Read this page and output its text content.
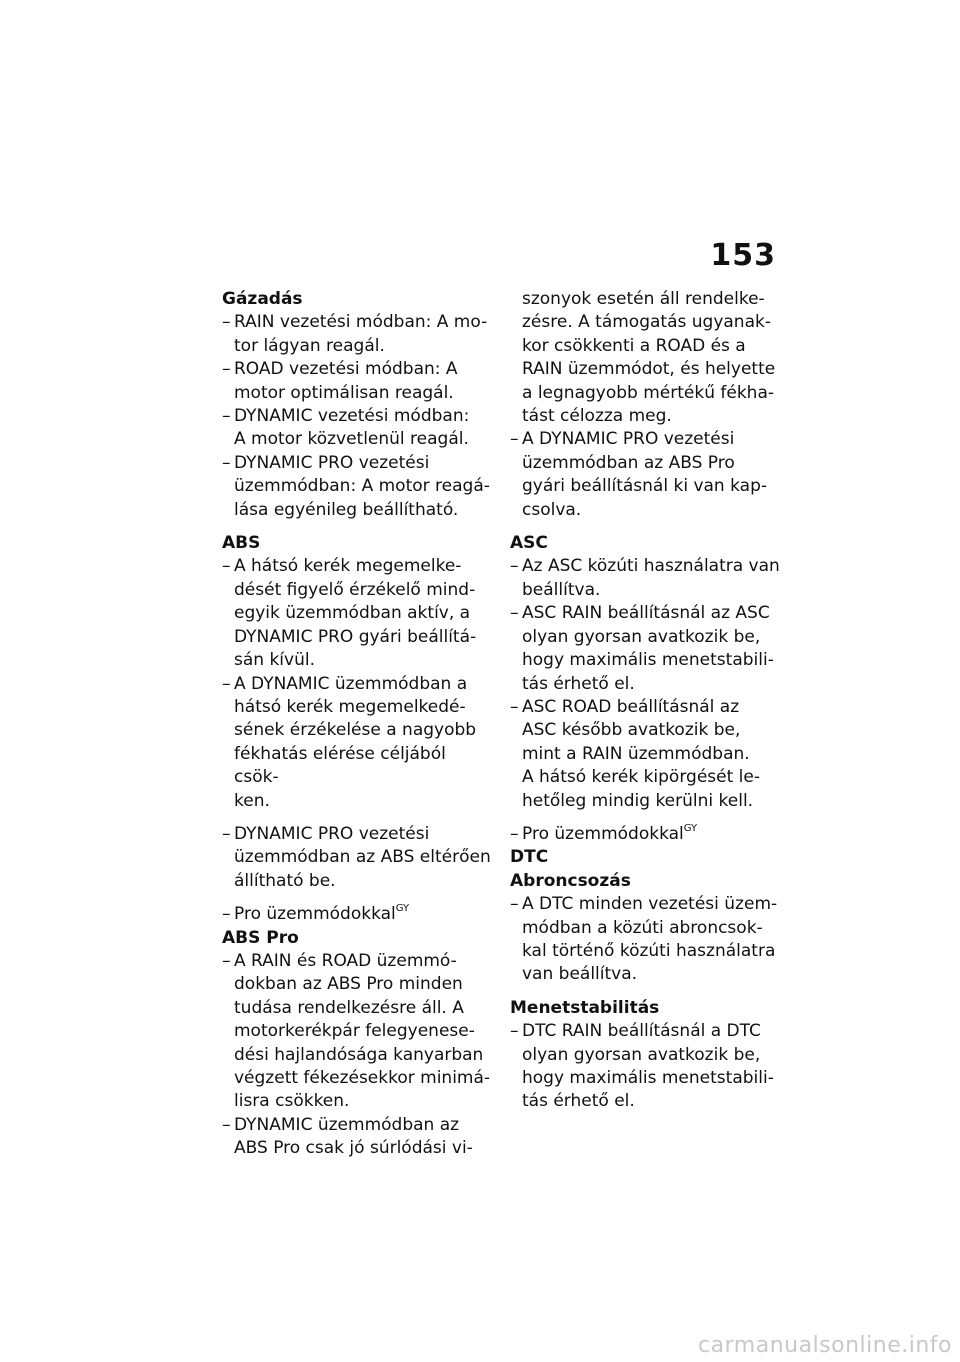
153
Gázadás
– RAIN vezetési módban: A mo-
tor lágyan reagál.
– ROAD vezetési módban: A
motor optimálisan reagál.
– DYNAMIC vezetési módban:
A motor közvetlenül reagál.
– DYNAMIC PRO vezetési
üzemmódban: A motor reagá-
lása egyénileg beállítható.
ABS
– A hátsó kerék megemelke-
dését figyelő érzékelő mind-
egyik üzemmódban aktív, a
DYNAMIC PRO gyári beállítá-
sán kívül.
– A DYNAMIC üzemmódban a
hátsó kerék megemelkedé-
sének érzékelése a nagyobb
fékhatás elérése céljából csök-
ken.
– DYNAMIC PRO vezetési
üzemmódban az ABS eltérően
állítható be.
– Pro üzemmódokkal$^{GY}$
ABS Pro
– A RAIN és ROAD üzemmó-
dokban az ABS Pro minden
tudása rendelkezésre áll. A
motorkerékpár felegyenese-
dési hajlandósága kanyarban
végzett fékezésekkor minimá-
lisra csökken.
– DYNAMIC üzemmódban az
ABS Pro csak jó súrlódási vi-
szonyok esetén áll rendelke-
zésre. A támogatás ugyanak-
kor csökkenti a ROAD és a
RAIN üzemmódot, és helyette
a legnagyobb mértékű fékha-
tást célozza meg.
– A DYNAMIC PRO vezetési
üzemmódban az ABS Pro
gyári beállításnál ki van kap-
csolva.
ASC
– Az ASC közúti használatra van
beállítva.
– ASC RAIN beállításnál az ASC
olyan gyorsan avatkozik be,
hogy maximális menetstabili-
tás érhető el.
– ASC ROAD beállításnál az
ASC később avatkozik be,
mint a RAIN üzemmódban.
A hátsó kerék kipörgését le-
hetőleg mindig kerülni kell.
– Pro üzemmódokkal$^{GY}$
DTC
Abroncsozás
– A DTC minden vezetési üzem-
módban a közúti abroncsok-
kal történő közúti használatra
van beállítva.
Menetstabilitás
– DTC RAIN beállításnál a DTC
olyan gyorsan avatkozik be,
hogy maximális menetstabili-
tás érhető el.
carmanualsonline.info
